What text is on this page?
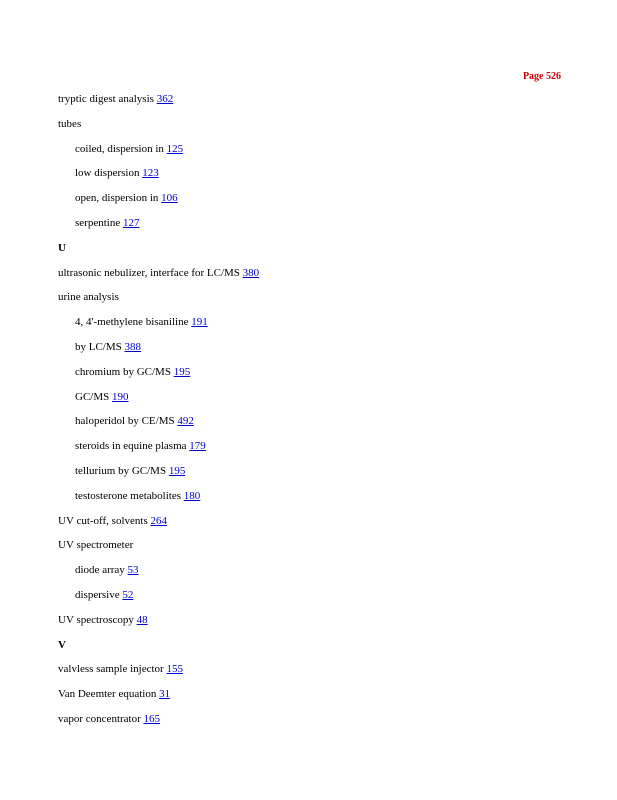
Page 526
tryptic digest analysis 362
tubes
coiled, dispersion in 125
low dispersion 123
open, dispersion in 106
serpentine 127
U
ultrasonic nebulizer, interface for LC/MS 380
urine analysis
4, 4'-methylene bisaniline 191
by LC/MS 388
chromium by GC/MS 195
GC/MS 190
haloperidol by CE/MS 492
steroids in equine plasma 179
tellurium by GC/MS 195
testosterone metabolites 180
UV cut-off, solvents 264
UV spectrometer
diode array 53
dispersive 52
UV spectroscopy 48
V
valvless sample injector 155
Van Deemter equation 31
vapor concentrator 165
